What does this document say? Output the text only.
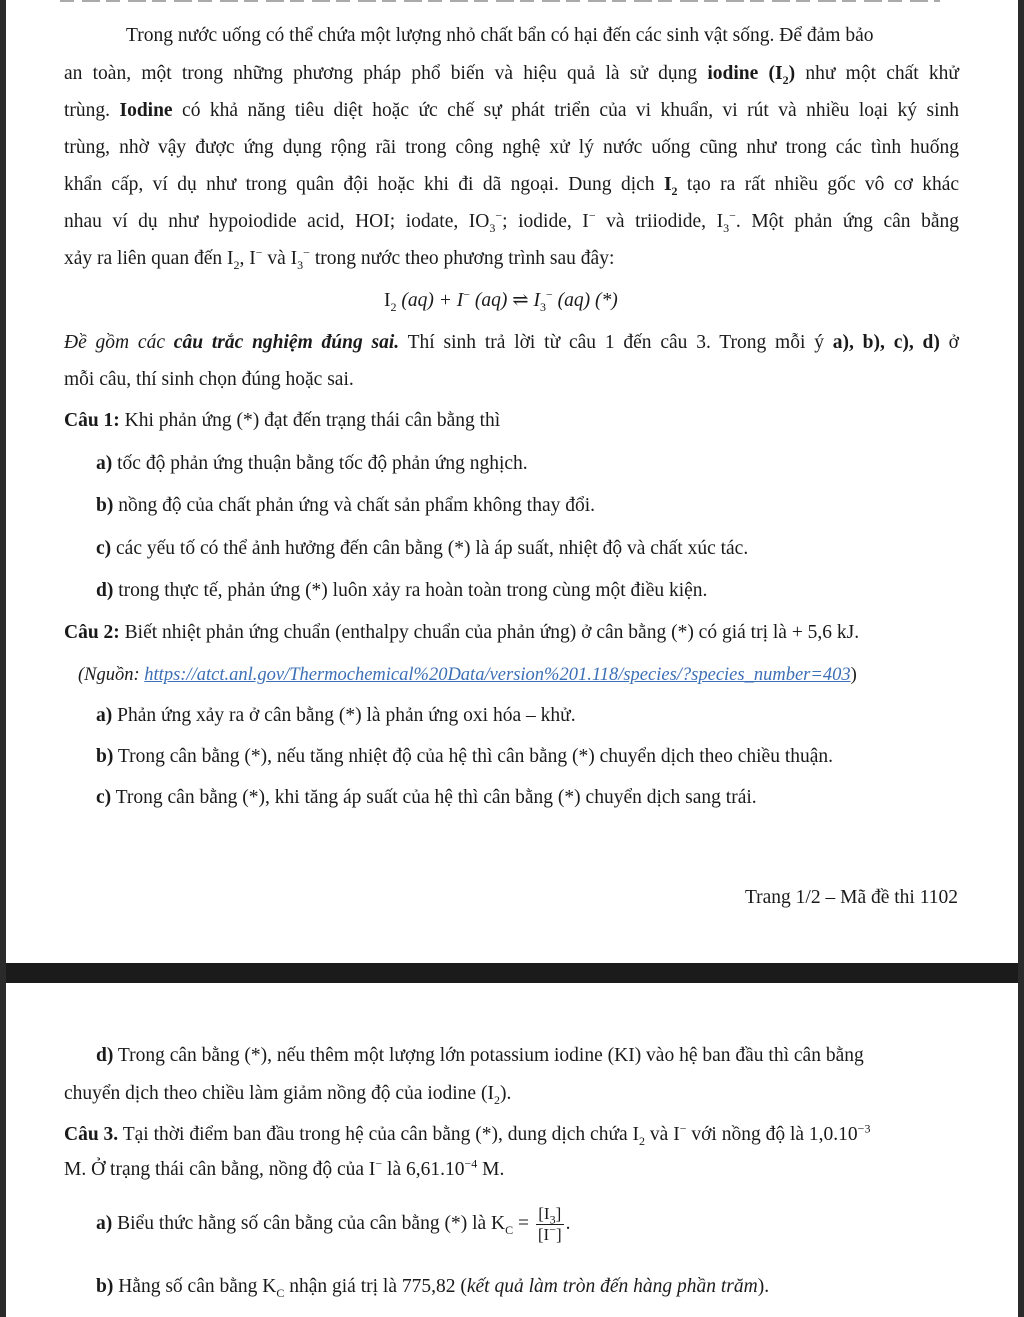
Trong nước uống có thể chứa một lượng nhỏ chất bẩn có hại đến các sinh vật sống. Để đảm bảo
an toàn, một trong những phương pháp phổ biến và hiệu quả là sử dụng iodine $(I_2)$ như một chất khử
trùng. Iodine có khả năng tiêu diệt hoặc ức chế sự phát triển của vi khuẩn, vi rút và nhiều loại ký sinh
trùng, nhờ vậy được ứng dụng rộng rãi trong công nghệ xử lý nước uống cũng như trong các tình huống
khẩn cấp, ví dụ như trong quân đội hoặc khi đi dã ngoại. Dung dịch $I_2$ tạo ra rất nhiều gốc vô cơ khác
nhau ví dụ như hypoiodide acid, HOI; iodate, $IO_3^-$; iodide, I− và triiodide, $I_3^-$. Một phản ứng cân bằng
xảy ra liên quan đến $I_2$, I− và $I_3^-$ trong nước theo phương trình sau đây:
$I_2$ (aq) + I− (aq) ⇌ $I_3^-$ (aq) (*)
Đề gồm các câu trắc nghiệm đúng sai. Thí sinh trả lời từ câu 1 đến câu 3. Trong mỗi ý a), b), c), d) ở
mỗi câu, thí sinh chọn đúng hoặc sai.
Câu 1: Khi phản ứng (*) đạt đến trạng thái cân bằng thì
a) tốc độ phản ứng thuận bằng tốc độ phản ứng nghịch.
b) nồng độ của chất phản ứng và chất sản phẩm không thay đổi.
c) các yếu tố có thể ảnh hưởng đến cân bằng (*) là áp suất, nhiệt độ và chất xúc tác.
d) trong thực tế, phản ứng (*) luôn xảy ra hoàn toàn trong cùng một điều kiện.
Câu 2: Biết nhiệt phản ứng chuẩn (enthalpy chuẩn của phản ứng) ở cân bằng (*) có giá trị là + 5,6 kJ.
(Nguồn: https://atct.anl.gov/Thermochemical%20Data/version%201.118/species/?species_number=403)
a) Phản ứng xảy ra ở cân bằng (*) là phản ứng oxi hóa – khử.
b) Trong cân bằng (*), nếu tăng nhiệt độ của hệ thì cân bằng (*) chuyển dịch theo chiều thuận.
c) Trong cân bằng (*), khi tăng áp suất của hệ thì cân bằng (*) chuyển dịch sang trái.
Trang 1/2 – Mã đề thi 1102
d) Trong cân bằng (*), nếu thêm một lượng lớn potassium iodine (KI) vào hệ ban đầu thì cân bằng
chuyển dịch theo chiều làm giảm nồng độ của iodine $(I_2)$.
Câu 3. Tại thời điểm ban đầu trong hệ của cân bằng (*), dung dịch chứa $I_2$ và I− với nồng độ là $1,0.10^{-3}$
M. Ở trạng thái cân bằng, nồng độ của I− là $6,61.10^{-4}$ M.
a) Biểu thức hằng số cân bằng của cân bằng (*) là $K_C = \frac{[I_3]}{[I^-]}$ .
b) Hằng số cân bằng $K_C$ nhận giá trị là 775,82 (kết quả làm tròn đến hàng phần trăm).
